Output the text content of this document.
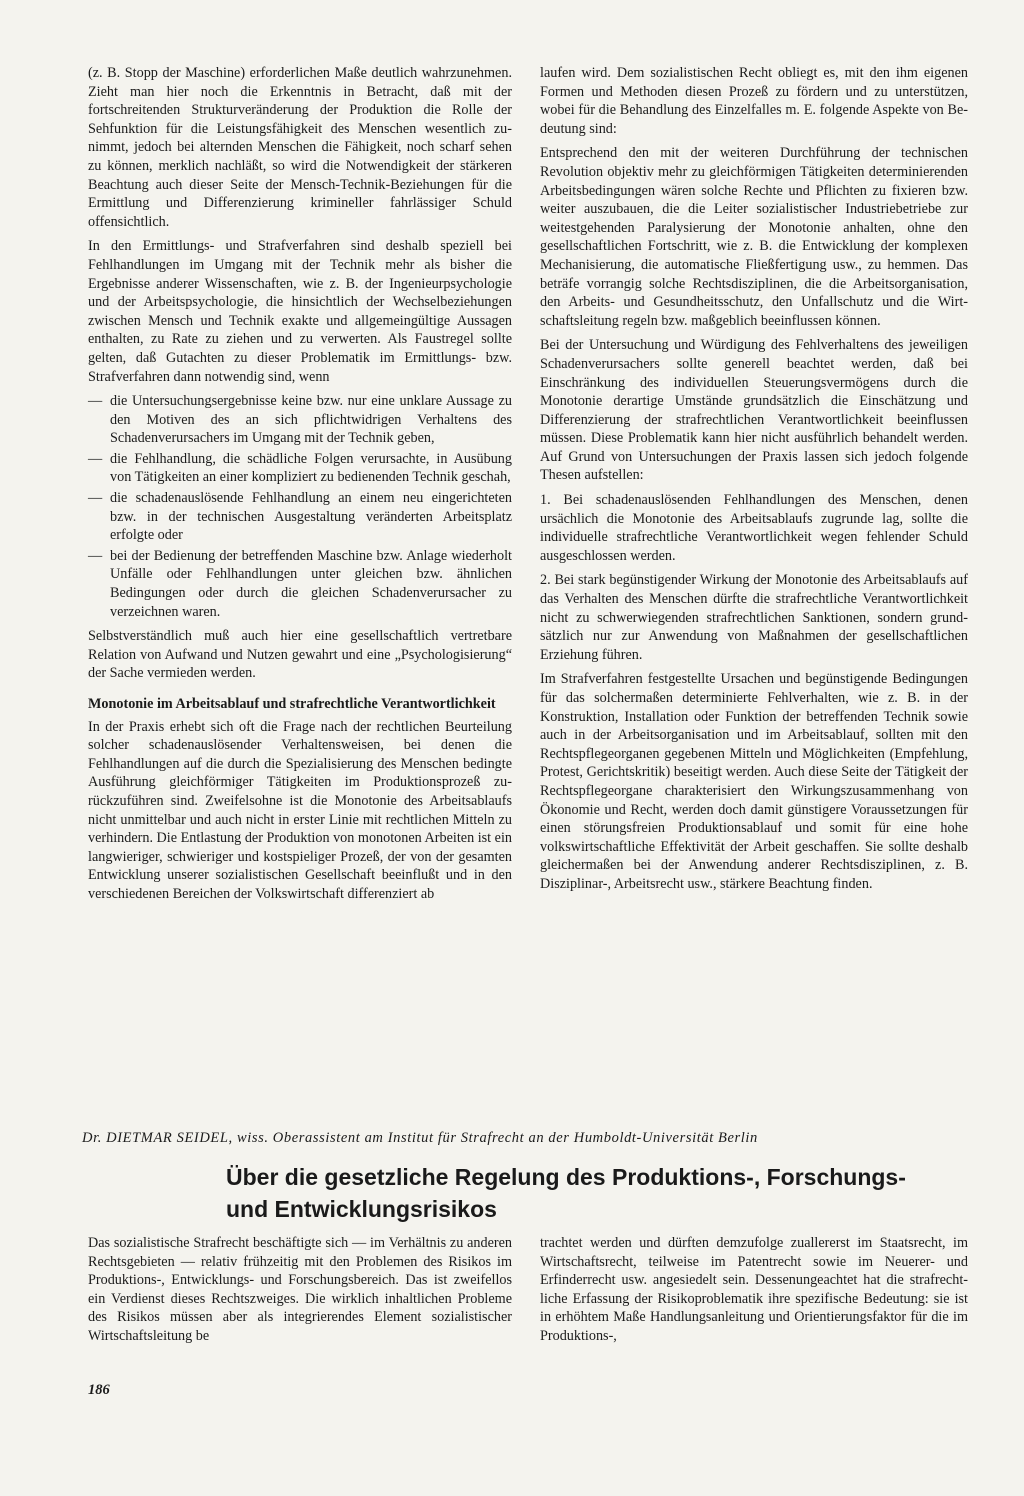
(z. B. Stopp der Maschine) erforderlichen Maße deutlich wahrzunehmen. Zieht man hier noch die Erkenntnis in Betracht, daß mit der fortschreitenden Strukturveränderung der Produktion die Rolle der Sehfunktion für die Leistungsfähigkeit des Menschen wesentlich zunimmt, jedoch bei alternden Menschen die Fähigkeit, noch scharf sehen zu können, merklich nachläßt, so wird die Notwendigkeit der stärkeren Beachtung auch dieser Seite der Mensch-Technik-Beziehungen für die Ermittlung und Differenzierung krimineller fahrlässiger Schuld offensichtlich.

In den Ermittlungs- und Strafverfahren sind deshalb speziell bei Fehlhandlungen im Umgang mit der Technik mehr als bisher die Ergebnisse anderer Wissenschaften, wie z. B. der Ingenieurpsychologie und der Arbeitspsychologie, die hinsichtlich der Wechselbeziehungen zwischen Mensch und Technik exakte und allgemeingültige Aussagen enthalten, zu Rate zu ziehen und zu verwerten. Als Faustregel sollte gelten, daß Gutachten zu dieser Problematik im Ermittlungs- bzw. Strafverfahren dann notwendig sind, wenn

— die Untersuchungsergebnisse keine bzw. nur eine unklare Aussage zu den Motiven des an sich pflichtwidrigen Verhaltens des Schadenverursachers im Umgang mit der Technik geben,
— die Fehlhandlung, die schädliche Folgen verursachte, in Ausübung von Tätigkeiten an einer kompliziert zu bedienenden Technik geschah,
— die schadenauslösende Fehlhandlung an einem neu eingerichteten bzw. in der technischen Ausgestaltung veränderten Arbeitsplatz erfolgte oder
— bei der Bedienung der betreffenden Maschine bzw. Anlage wiederholt Unfälle oder Fehlhandlungen unter gleichen bzw. ähnlichen Bedingungen oder durch die gleichen Schadenverursacher zu verzeichnen waren.

Selbstverständlich muß auch hier eine gesellschaftlich vertretbare Relation von Aufwand und Nutzen gewahrt und eine „Psychologisierung“ der Sache vermieden werden.

Monotonie im Arbeitsablauf und strafrechtliche Verantwortlichkeit

In der Praxis erhebt sich oft die Frage nach der rechtlichen Beurteilung solcher schadenauslösender Verhaltensweisen, bei denen die Fehlhandlungen auf die durch die Spezialisierung des Menschen bedingte Ausführung gleichförmiger Tätigkeiten im Produktionsprozeß zurückzuführen sind. Zweifelsohne ist die Monotonie des Arbeitsablaufs nicht unmittelbar und auch nicht in erster Linie mit rechtlichen Mitteln zu verhindern. Die Entlastung der Produktion von monotonen Arbeiten ist ein langwieriger, schwieriger und kostspieliger Prozeß, der von der gesamten Entwicklung unserer sozialistischen Gesellschaft beeinflußt und in den verschiedenen Bereichen der Volkswirtschaft differenziert ab

laufen wird. Dem sozialistischen Recht obliegt es, mit den ihm eigenen Formen und Methoden diesen Prozeß zu fördern und zu unterstützen, wobei für die Behandlung des Einzelfalles m. E. folgende Aspekte von Bedeutung sind:

Entsprechend den mit der weiteren Durchführung der technischen Revolution objektiv mehr zu gleichförmigen Tätigkeiten determinierenden Arbeitsbedingungen wären solche Rechte und Pflichten zu fixieren bzw. weiter auszubauen, die die Leiter sozialistischer Industriebetriebe zur weitestgehenden Paralysierung der Monotonie anhalten, ohne den gesellschaftlichen Fortschritt, wie z. B. die Entwicklung der komplexen Mechanisierung, die automatische Fließfertigung usw., zu hemmen. Das beträfe vorrangig solche Rechtsdisziplinen, die die Arbeitsorganisation, den Arbeits- und Gesundheitsschutz, den Unfallschutz und die Wirtschaftsleitung regeln bzw. maßgeblich beeinflussen können.

Bei der Untersuchung und Würdigung des Fehlverhaltens des jeweiligen Schadenverursachers sollte generell beachtet werden, daß bei Einschränkung des individuellen Steuerungsvermögens durch die Monotonie derartige Umstände grundsätzlich die Einschätzung und Differenzierung der strafrechtlichen Verantwortlichkeit beeinflussen müssen. Diese Problematik kann hier nicht ausführlich behandelt werden. Auf Grund von Untersuchungen der Praxis lassen sich jedoch folgende Thesen aufstellen:

1. Bei schadenauslösenden Fehlhandlungen des Menschen, denen ursächlich die Monotonie des Arbeitsablaufs zugrunde lag, sollte die individuelle strafrechtliche Verantwortlichkeit wegen fehlender Schuld ausgeschlossen werden.
2. Bei stark begünstigender Wirkung der Monotonie des Arbeitsablaufs auf das Verhalten des Menschen dürfte die strafrechtliche Verantwortlichkeit nicht zu schwerwiegenden strafrechtlichen Sanktionen, sondern grundsätzlich nur zur Anwendung von Maßnahmen der gesellschaftlichen Erziehung führen.

Im Strafverfahren festgestellte Ursachen und begünstigende Bedingungen für das solchermaßen determinierte Fehlverhalten, wie z. B. in der Konstruktion, Installation oder Funktion der betreffenden Technik sowie auch in der Arbeitsorganisation und im Arbeitsablauf, sollten mit den Rechtspflegeorganen gegebenen Mitteln und Möglichkeiten (Empfehlung, Protest, Gerichtskritik) beseitigt werden. Auch diese Seite der Tätigkeit der Rechtspflegeorgane charakterisiert den Wirkungszusammenhang von Ökonomie und Recht, werden doch damit günstigere Voraussetzungen für einen störungsfreien Produktionsablauf und somit für eine hohe volkswirtschaftliche Effektivität der Arbeit geschaffen. Sie sollte deshalb gleichermaßen bei der Anwendung anderer Rechtsdisziplinen, z. B. Disziplinar-, Arbeitsrecht usw., stärkere Beachtung finden.

Dr. DIETMAR SEIDEL, wiss. Oberassistent am Institut für Strafrecht an der Humboldt-Universität Berlin
Über die gesetzliche Regelung des Produktions-, Forschungs- und Entwicklungsrisikos

Das sozialistische Strafrecht beschäftigte sich — im Verhältnis zu anderen Rechtsgebieten — relativ frühzeitig mit den Problemen des Risikos im Produktions-, Entwicklungs- und Forschungsbereich. Das ist zweifellos ein Verdienst dieses Rechtszweiges. Die wirklich inhaltlichen Probleme des Risikos müssen aber als integrierendes Element sozialistischer Wirtschaftsleitung be

trachtet werden und dürften demzufolge zuallererst im Staatsrecht, im Wirtschaftsrecht, teilweise im Patentrecht sowie im Neuerer- und Erfinderrecht usw. angesiedelt sein. Dessenungeachtet hat die strafrechtliche Erfassung der Risikoproblematik ihre spezifische Bedeutung: sie ist in erhöhtem Maße Handlungsanleitung und Orientierungsfaktor für die im Produktions-,

186
